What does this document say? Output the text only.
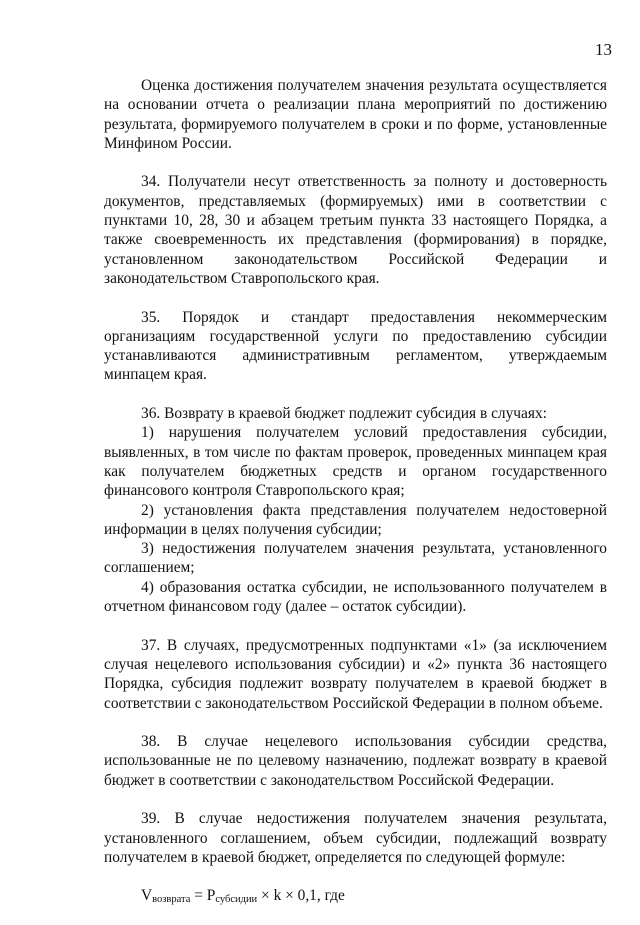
13

Оценка достижения получателем значения результата осуществляется на основании отчета о реализации плана мероприятий по достижению результата, формируемого получателем в сроки и по форме, установленные Минфином России.

34. Получатели несут ответственность за полноту и достоверность документов, представляемых (формируемых) ими в соответствии с пунктами 10, 28, 30 и абзацем третьим пункта 33 настоящего Порядка, а также своевременность их представления (формирования) в порядке, установленном законодательством Российской Федерации и законодательством Ставропольского края.

35. Порядок и стандарт предоставления некоммерческим организациям государственной услуги по предоставлению субсидии устанавливаются административным регламентом, утверждаемым минпацем края.

36. Возврату в краевой бюджет подлежит субсидия в случаях:

1) нарушения получателем условий предоставления субсидии, выявленных, в том числе по фактам проверок, проведенных минпацем края как получателем бюджетных средств и органом государственного финансового контроля Ставропольского края;

2) установления факта представления получателем недостоверной информации в целях получения субсидии;

3) недостижения получателем значения результата, установленного соглашением;

4) образования остатка субсидии, не использованного получателем в отчетном финансовом году (далее – остаток субсидии).

37. В случаях, предусмотренных подпунктами «1» (за исключением случая нецелевого использования субсидии) и «2» пункта 36 настоящего Порядка, субсидия подлежит возврату получателем в краевой бюджет в соответствии с законодательством Российской Федерации в полном объеме.

38. В случае нецелевого использования субсидии средства, использованные не по целевому назначению, подлежат возврату в краевой бюджет в соответствии с законодательством Российской Федерации.

39. В случае недостижения получателем значения результата, установленного соглашением, объем субсидии, подлежащий возврату получателем в краевой бюджет, определяется по следующей формуле:

$V_{возврата} = P_{субсидии} \times k \times 0,1$, где
